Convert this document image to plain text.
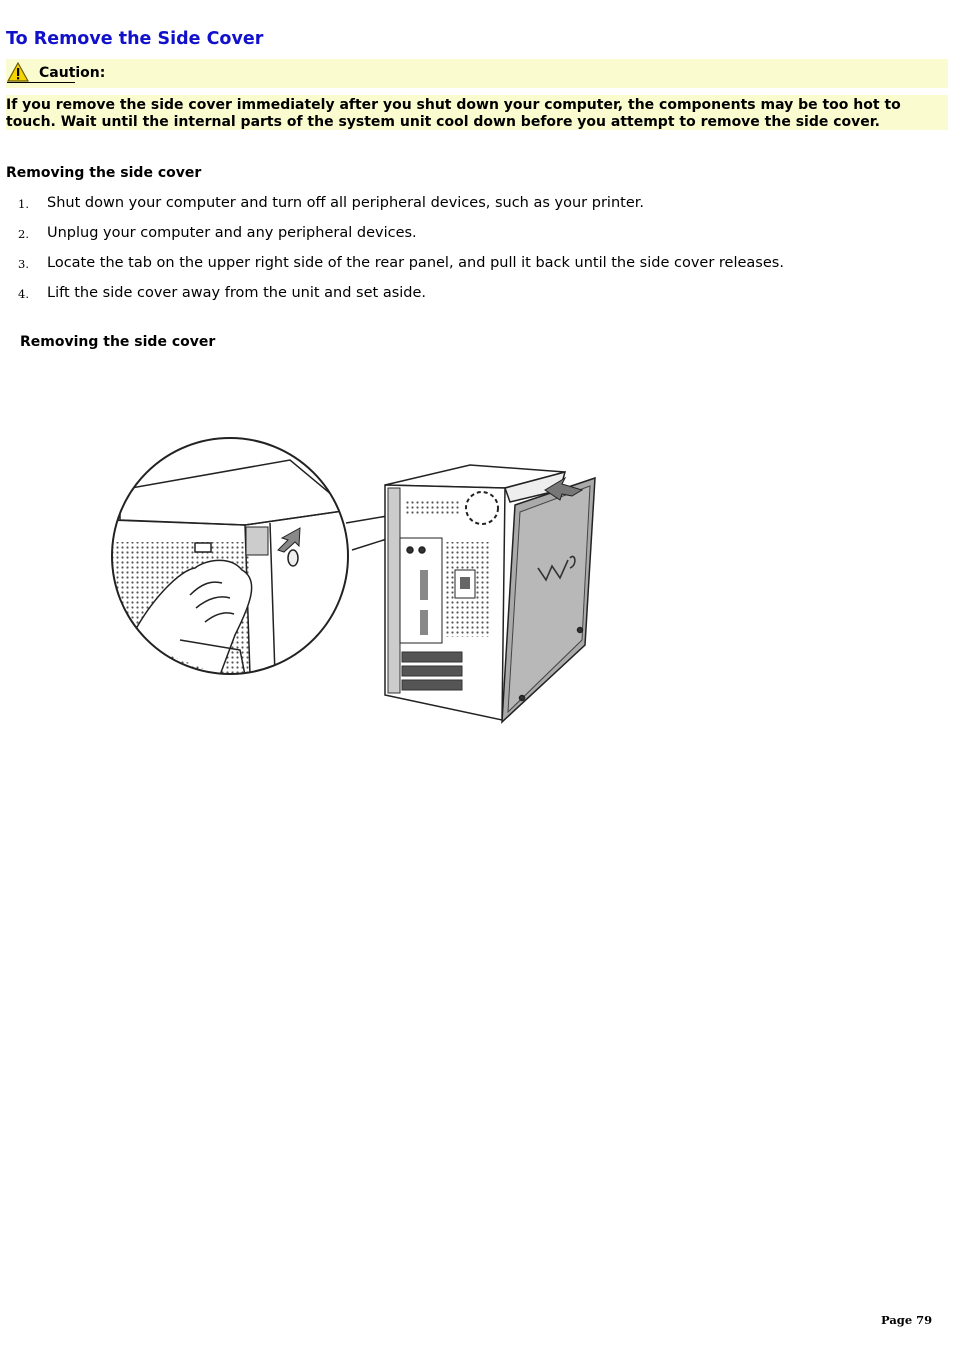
To Remove the Side Cover
Caution:
If you remove the side cover immediately after you shut down your computer, the components may be too hot to touch. Wait until the internal parts of the system unit cool down before you attempt to remove the side cover.
Removing the side cover
1. Shut down your computer and turn off all peripheral devices, such as your printer.
2. Unplug your computer and any peripheral devices.
3. Locate the tab on the upper right side of the rear panel, and pull it back until the side cover releases.
4. Lift the side cover away from the unit and set aside.
Removing the side cover
Page 79
